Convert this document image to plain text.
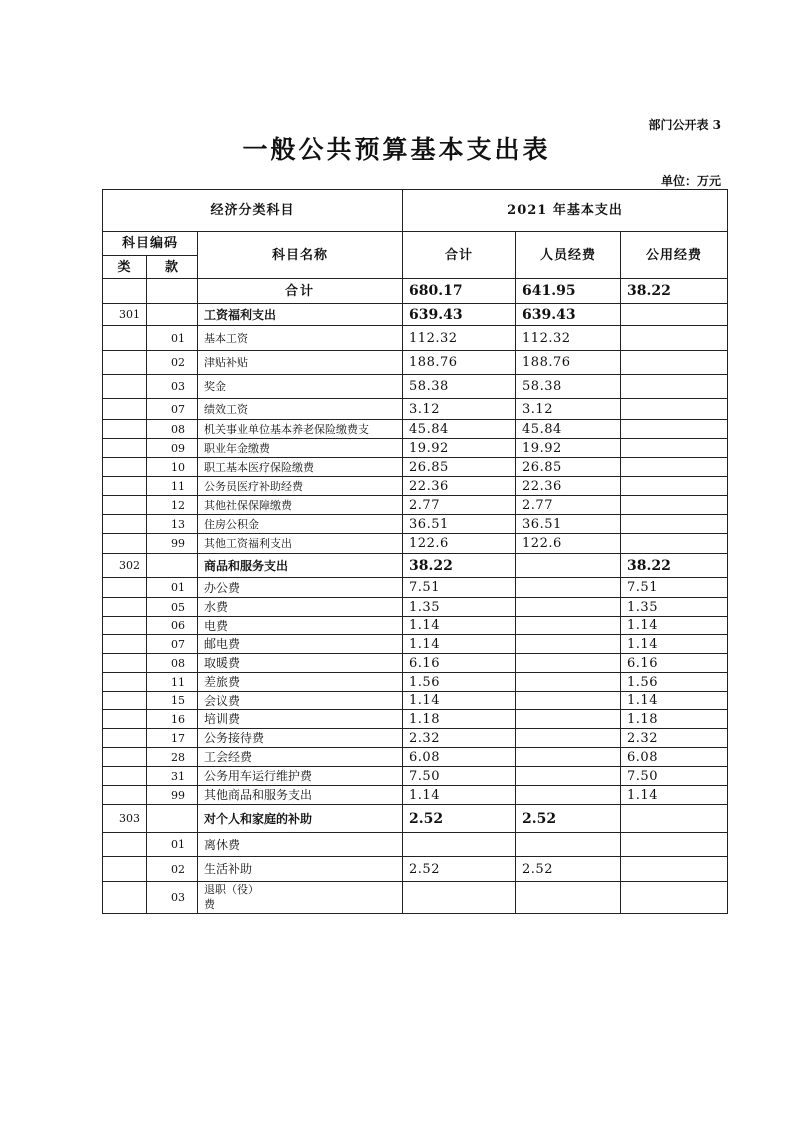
部门公开表 3
一般公共预算基本支出表
单位：万元
经济分类科目			2021 年基本支出		
科目编码		科目名称	合计	人员经费	公用经费
类	款				
		合计	680.17	641.95	38.22
301		工资福利支出	639.43	639.43	
	01	基本工资	112.32	112.32	
	02	津贴补贴	188.76	188.76	
	03	奖金	58.38	58.38	
	07	绩效工资	3.12	3.12	
	08	机关事业单位基本养老保险缴费支	45.84	45.84	
	09	职业年金缴费	19.92	19.92	
	10	职工基本医疗保险缴费	26.85	26.85	
	11	公务员医疗补助经费	22.36	22.36	
	12	其他社保保障缴费	2.77	2.77	
	13	住房公积金	36.51	36.51	
	99	其他工资福利支出	122.6	122.6	
302		商品和服务支出	38.22		38.22
	01	办公费	7.51		7.51
	05	水费	1.35		1.35
	06	电费	1.14		1.14
	07	邮电费	1.14		1.14
	08	取暖费	6.16		6.16
	11	差旅费	1.56		1.56
	15	会议费	1.14		1.14
	16	培训费	1.18		1.18
	17	公务接待费	2.32		2.32
	28	工会经费	6.08		6.08
	31	公务用车运行维护费	7.50		7.50
	99	其他商品和服务支出	1.14		1.14
303		对个人和家庭的补助	2.52	2.52	
	01	离休费			
	02	生活补助	2.52	2.52	
	03	退职（役）
费			
